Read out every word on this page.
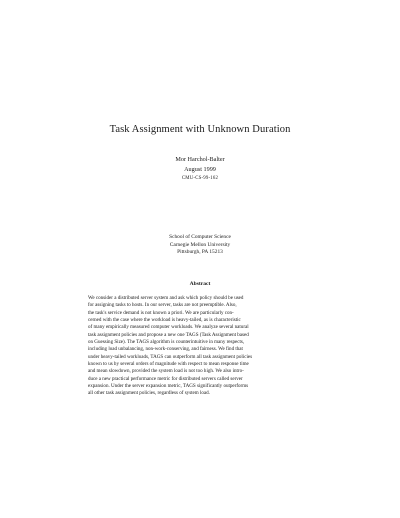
Task Assignment with Unknown Duration
Mor Harchol-Balter
August 1999
CMU-CS-99-162
School of Computer Science
Carnegie Mellon University
Pittsburgh, PA 15213
Abstract
We consider a distributed server system and ask which policy should be used
for assigning tasks to hosts. In our server, tasks are not preemptible. Also,
the task's service demand is not known a priori. We are particularly con-
cerned with the case where the workload is heavy-tailed, as is characteristic
of many empirically measured computer workloads. We analyze several natural
task assignment policies and propose a new one TAGS (Task Assignment based
on Guessing Size). The TAGS algorithm is counterintuitive in many respects,
including load unbalancing, non-work-conserving, and fairness. We find that
under heavy-tailed workloads, TAGS can outperform all task assignment policies
known to us by several orders of magnitude with respect to mean response time
and mean slowdown, provided the system load is not too high. We also intro-
duce a new practical performance metric for distributed servers called server
expansion. Under the server expansion metric, TAGS significantly outperforms
all other task assignment policies, regardless of system load.
